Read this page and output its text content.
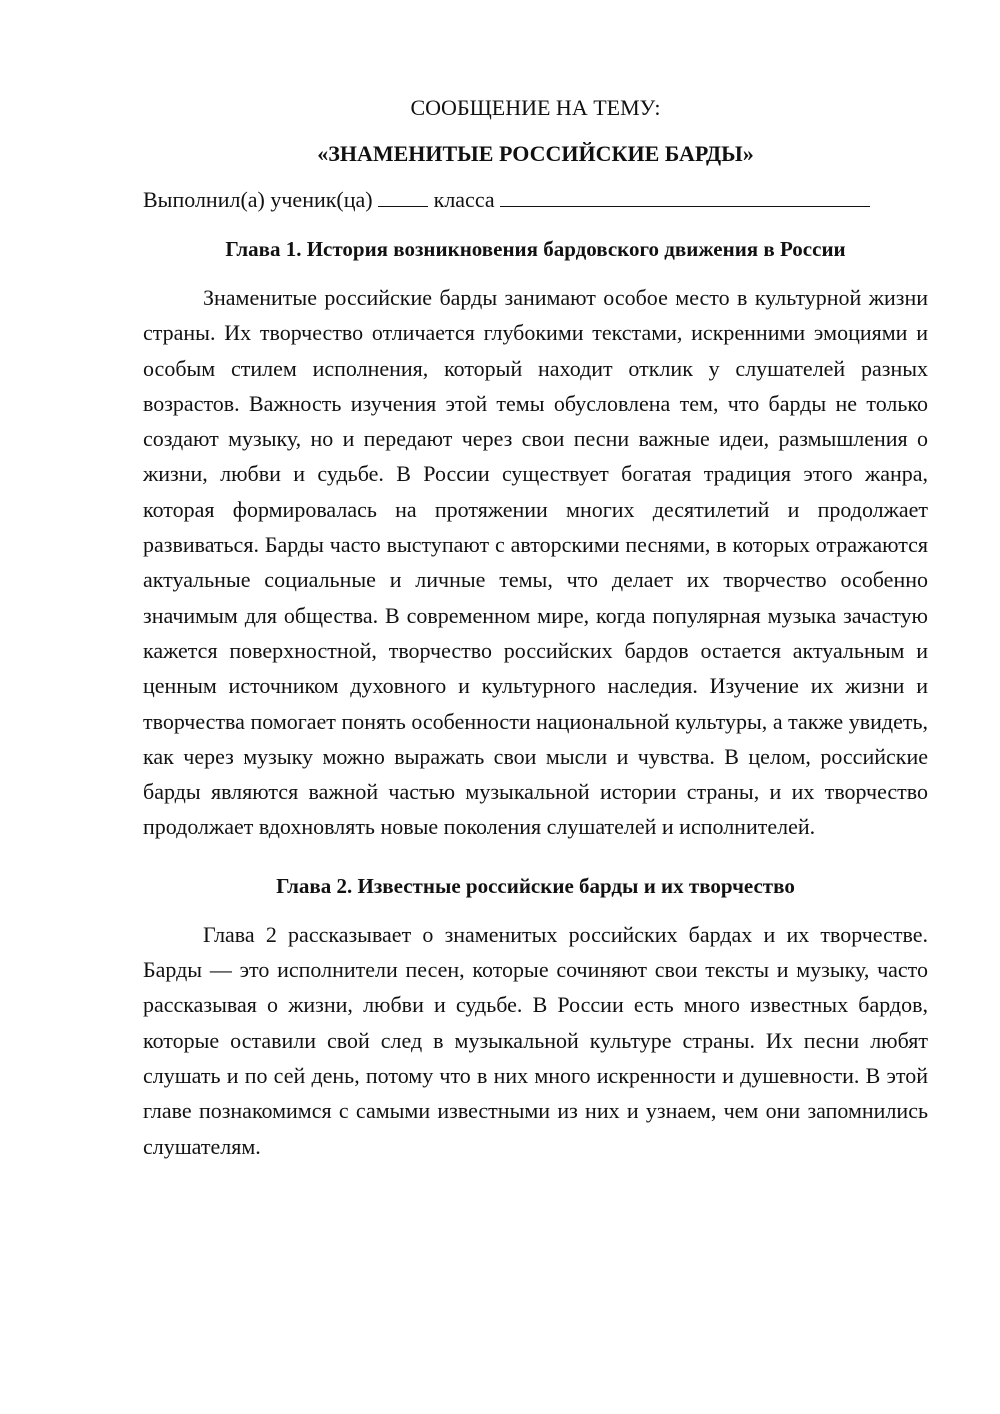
СООБЩЕНИЕ НА ТЕМУ:

«ЗНАМЕНИТЫЕ РОССИЙСКИЕ БАРДЫ»

Выполнил(а) ученик(ца)	класса
Глава 1. История возникновения бардовского движения в России

Знаменитые российские барды занимают особое место в культурной жизни страны. Их творчество отличается глубокими текстами, искренними эмоциями и особым стилем исполнения, который находит отклик у слушателей разных возрастов. Важность изучения этой темы обусловлена тем, что барды не только создают музыку, но и передают через свои песни важные идеи, размышления о жизни, любви и судьбе. В России существует богатая традиция этого жанра, которая формировалась на протяжении многих десятилетий и продолжает развиваться. Барды часто выступают с авторскими песнями, в которых отражаются актуальные социальные и личные темы, что делает их творчество особенно значимым для общества. В современном мире, когда популярная музыка зачастую кажется поверхностной, творчество российских бардов остается актуальным и ценным источником духовного и культурного наследия. Изучение их жизни и творчества помогает понять особенности национальной культуры, а также увидеть, как через музыку можно выражать свои мысли и чувства. В целом, российские барды являются важной частью музыкальной истории страны, и их творчество продолжает вдохновлять новые поколения слушателей и исполнителей.

Глава 2. Известные российские барды и их творчество

Глава 2 рассказывает о знаменитых российских бардах и их творчестве. Барды — это исполнители песен, которые сочиняют свои тексты и музыку, часто рассказывая о жизни, любви и судьбе. В России есть много известных бардов, которые оставили свой след в музыкальной культуре страны. Их песни любят слушать и по сей день, потому что в них много искренности и душевности. В этой главе познакомимся с самыми известными из них и узнаем, чем они запомнились слушателям.
